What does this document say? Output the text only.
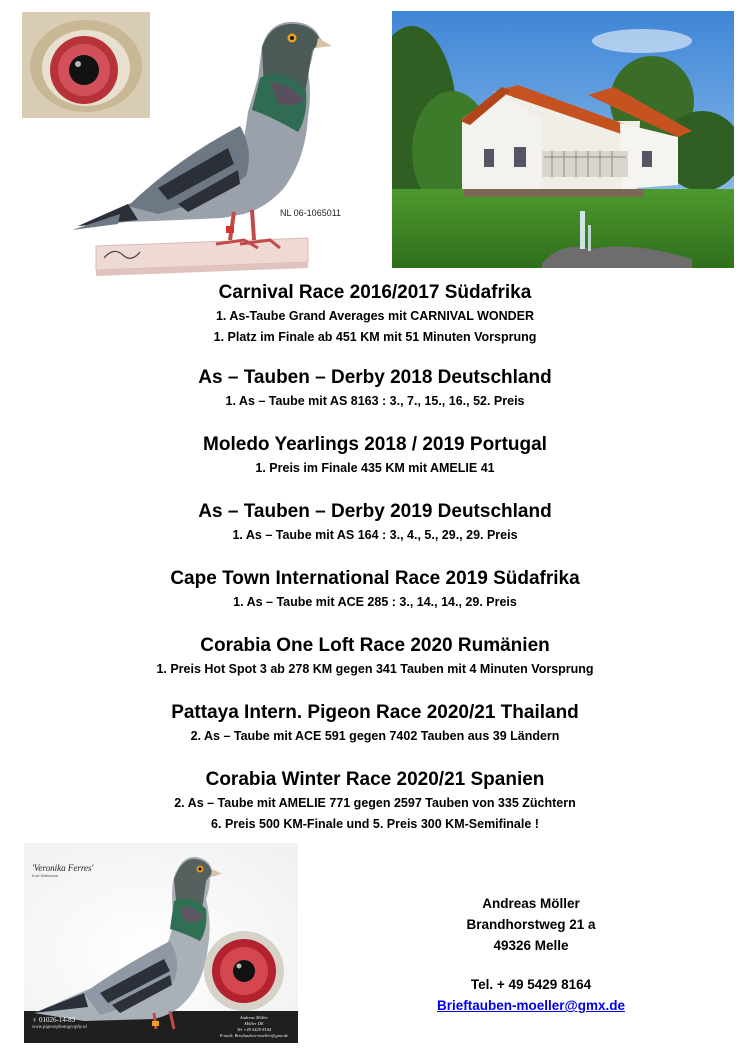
NL 06-1065011
Carnival Race 2016/2017 Südafrika
1. As-Taube Grand Averages mit CARNIVAL WONDER
1. Platz im Finale ab 451 KM mit 51 Minuten Vorsprung
As – Tauben – Derby 2018 Deutschland
1. As – Taube mit AS 8163 : 3., 7., 15., 16., 52. Preis
Moledo Yearlings 2018 / 2019 Portugal
1. Preis im Finale 435 KM mit AMELIE 41
As – Tauben – Derby 2019 Deutschland
1. As – Taube mit AS 164 : 3., 4., 5., 29., 29. Preis
Cape Town International Race 2019 Südafrika
1. As – Taube mit ACE 285 : 3., 14., 14., 29. Preis
Corabia One Loft Race 2020 Rumänien
1. Preis Hot Spot 3 ab 278 KM gegen 341 Tauben mit 4 Minuten Vorsprung
Pattaya Intern. Pigeon Race 2020/21 Thailand
2. As – Taube mit ACE 591 gegen 7402 Tauben aus 39 Ländern
Corabia Winter Race 2020/21 Spanien
2. As – Taube mit AMELIE 771 gegen 2597 Tauben von 335 Züchtern
6. Preis 500 KM-Finale und 5. Preis 300 KM-Semifinale !
'Veronika Ferres'
Kurt Wallmann
♀ 01026-14-83
www.pigeonphotography.nl
Andreas Möller
Möller DE
Tel +49 5429 8164
E-mail: Brieftauben-moeller@gmx.de
Andreas Möller
Brandhorstweg 21 a
49326 Melle
Tel. + 49 5429 8164
Brieftauben-moeller@gmx.de
